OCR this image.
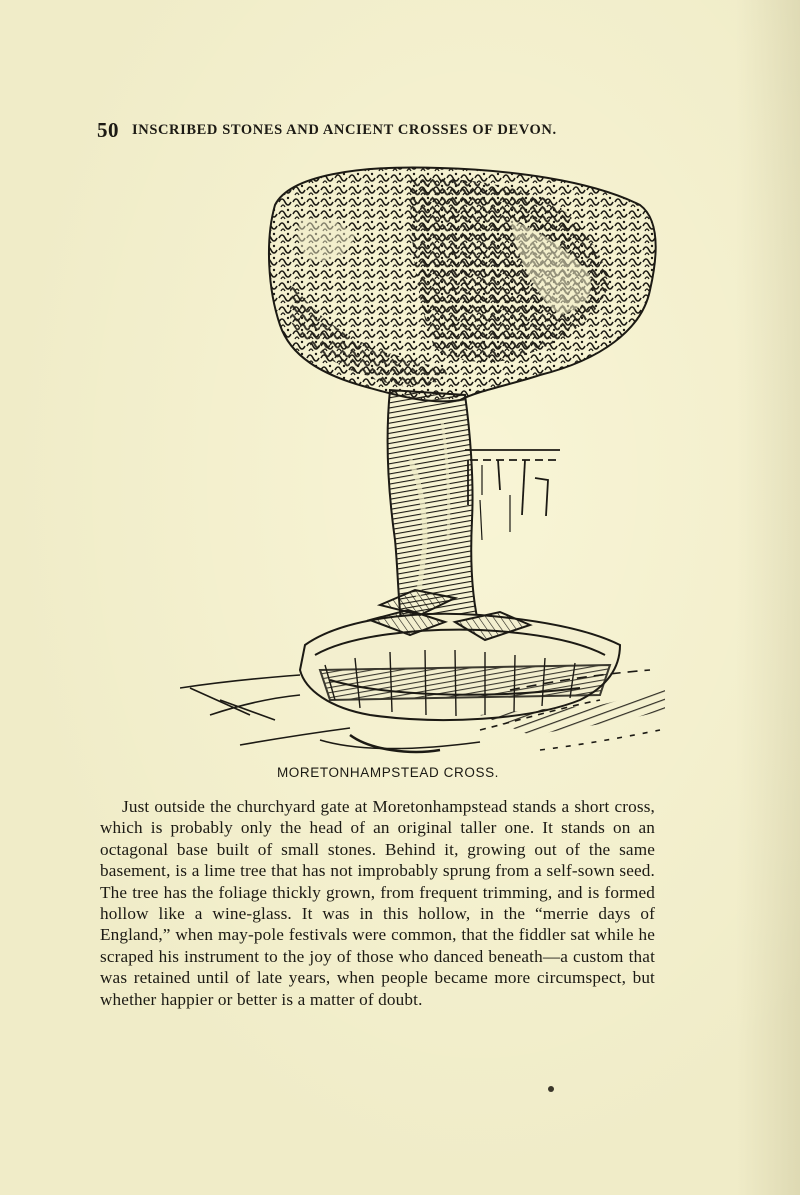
50 INSCRIBED STONES AND ANCIENT CROSSES OF DEVON.
MORETONHAMPSTEAD CROSS.

Just outside the churchyard gate at Moretonhampstead stands a short cross, which is probably only the head of an original taller one. It stands on an octagonal base built of small stones. Behind it, growing out of the same basement, is a lime tree that has not improbably sprung from a self-sown seed. The tree has the foliage thickly grown, from frequent trimming, and is formed hollow like a wine-glass. It was in this hollow, in the “merrie days of England,” when may-pole festivals were common, that the fiddler sat while he scraped his instrument to the joy of those who danced beneath—a custom that was retained until of late years, when people became more circumspect, but whether happier or better is a matter of doubt.
